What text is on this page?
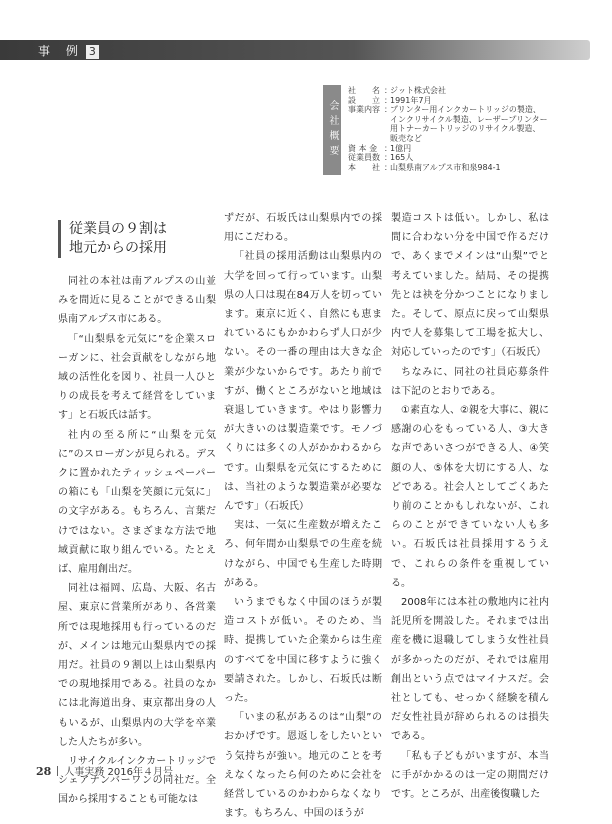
事 例 3
会社概要
社　　名 ：
ジット株式会社
設　　立 ：
1991年7月
事業内容 ：
プリンター用インクカートリッジの製造、インクリサイクル製造、レーザープリンター用トナーカートリッジのリサイクル製造、販売など
資 本 金 ：
1億円
従業員数 ：
165人
本　　社 ：
山梨県南アルプス市和泉984-1
従業員の９割は
地元からの採用

同社の本社は南アルプスの山並みを間近に見ることができる山梨県南アルプス市にある。

「“山梨県を元気に”を企業スローガンに、社会貢献をしながら地域の活性化を図り、社員一人ひとりの成長を考えて経営をしています」と石坂氏は話す。

社内の至る所に“山梨を元気に”のスローガンが見られる。デスクに置かれたティッシュペーパーの箱にも「山梨を笑顔に元気に」の文字がある。もちろん、言葉だけではない。さまざまな方法で地域貢献に取り組んでいる。たとえば、雇用創出だ。

同社は福岡、広島、大阪、名古屋、東京に営業所があり、各営業所では現地採用も行っているのだが、メインは地元山梨県内での採用だ。社員の９割以上は山梨県内での現地採用である。社員のなかには北海道出身、東京都出身の人もいるが、山梨県内の大学を卒業した人たちが多い。

リサイクルインクカートリッジでシェアナンバーワンの同社だ。全国から採用することも可能なは

ずだが、石坂氏は山梨県内での採用にこだわる。

「社員の採用活動は山梨県内の大学を回って行っています。山梨県の人口は現在84万人を切っています。東京に近く、自然にも恵まれているにもかかわらず人口が少ない。その一番の理由は大きな企業が少ないからです。あたり前ですが、働くところがないと地域は衰退していきます。やはり影響力が大きいのは製造業です。モノづくりには多くの人がかかわるからです。山梨県を元気にするためには、当社のような製造業が必要なんです」（石坂氏）

実は、一気に生産数が増えたころ、何年間か山梨県での生産を続けながら、中国でも生産した時期がある。

いうまでもなく中国のほうが製造コストが低い。そのため、当時、提携していた企業からは生産のすべてを中国に移すように強く要請された。しかし、石坂氏は断った。

「いまの私があるのは“山梨”のおかげです。恩返しをしたいという気持ちが強い。地元のことを考えなくなったら何のために会社を経営しているのかわからなくなります。もちろん、中国のほうが

製造コストは低い。しかし、私は間に合わない分を中国で作るだけで、あくまでメインは“山梨”でと考えていました。結局、その提携先とは袂を分かつことになりました。そして、原点に戻って山梨県内で人を募集して工場を拡大し、対応していったのです」（石坂氏）

ちなみに、同社の社員応募条件は下記のとおりである。

①素直な人、②親を大事に、親に感謝の心をもっている人、③大きな声であいさつができる人、④笑顔の人、⑤体を大切にする人、などである。社会人としてごくあたり前のことかもしれないが、これらのことができていない人も多い。石坂氏は社員採用するうえで、これらの条件を重視している。

2008年には本社の敷地内に社内託児所を開設した。それまでは出産を機に退職してしまう女性社員が多かったのだが、それでは雇用創出という点ではマイナスだ。会社としても、せっかく経験を積んだ女性社員が辞められるのは損失である。

「私も子どもがいますが、本当に手がかかるのは一定の期間だけです。ところが、出産後復職した

28 人事実務 2016年４月号
